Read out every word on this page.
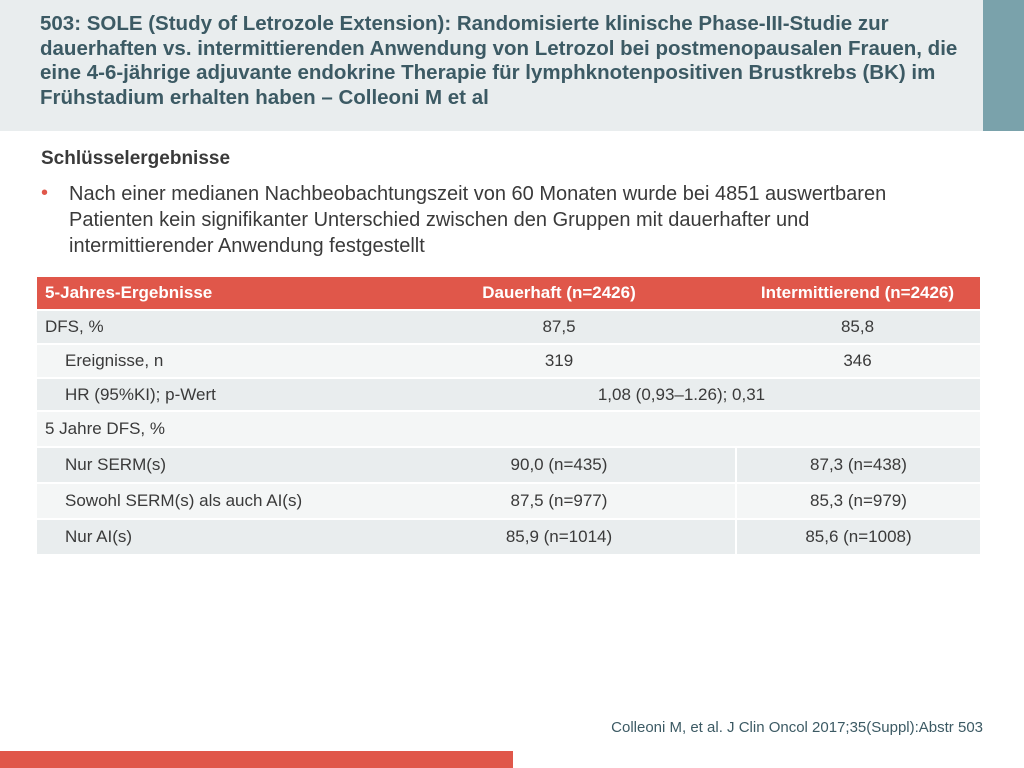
503: SOLE (Study of Letrozole Extension): Randomisierte klinische Phase-III-Studie zur dauerhaften vs. intermittierenden Anwendung von Letrozol bei postmenopausalen Frauen, die eine 4-6-jährige adjuvante endokrine Therapie für lymphknotenpositiven Brustkrebs (BK) im Frühstadium erhalten haben – Colleoni M et al
Schlüsselergebnisse
• Nach einer medianen Nachbeobachtungszeit von 60 Monaten wurde bei 4851 auswertbaren Patienten kein signifikanter Unterschied zwischen den Gruppen mit dauerhafter und intermittierender Anwendung festgestellt
5-Jahres-Ergebnisse	Dauerhaft (n=2426)	Intermittierend (n=2426)
DFS, %	87,5	85,8
Ereignisse, n	319	346
HR (95%KI); p-Wert	1,08 (0,93–1.26); 0,31
5 Jahre DFS, %
Nur SERM(s)	90,0 (n=435)	87,3 (n=438)
Sowohl SERM(s) als auch AI(s)	87,5 (n=977)	85,3 (n=979)
Nur AI(s)	85,9 (n=1014)	85,6 (n=1008)
Colleoni M, et al. J Clin Oncol 2017;35(Suppl):Abstr 503
